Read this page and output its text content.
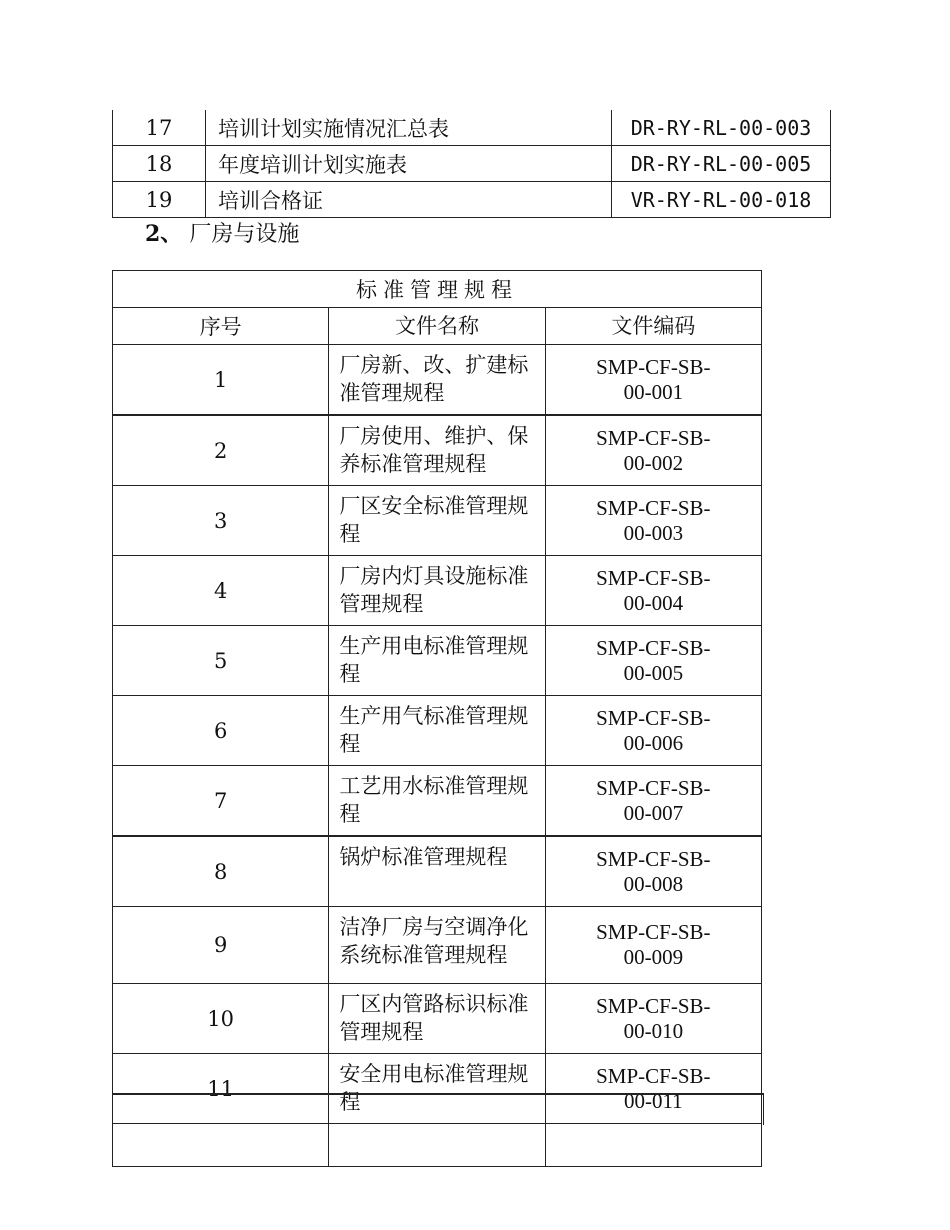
17	培训计划实施情况汇总表	DR-RY-RL-00-003
18	年度培训计划实施表	DR-RY-RL-00-005
19	培训合格证	VR-RY-RL-00-018
2、 厂房与设施
标准管理规程		
序号	文件名称	文件编码
1	厂房新、改、扩建标准管理规程	SMP-CF-SB-
00-001
2	厂房使用、维护、保养标准管理规程	SMP-CF-SB-
00-002
3	厂区安全标准管理规程	SMP-CF-SB-
00-003
4	厂房内灯具设施标准管理规程	SMP-CF-SB-
00-004
5	生产用电标准管理规程	SMP-CF-SB-
00-005
6	生产用气标准管理规程	SMP-CF-SB-
00-006
7	工艺用水标准管理规程	SMP-CF-SB-
00-007
8	锅炉标准管理规程	SMP-CF-SB-
00-008
9	洁净厂房与空调净化系统标准管理规程	SMP-CF-SB-
00-009
10	厂区内管路标识标准管理规程	SMP-CF-SB-
00-010
11	安全用电标准管理规程	SMP-CF-SB-
00-011
